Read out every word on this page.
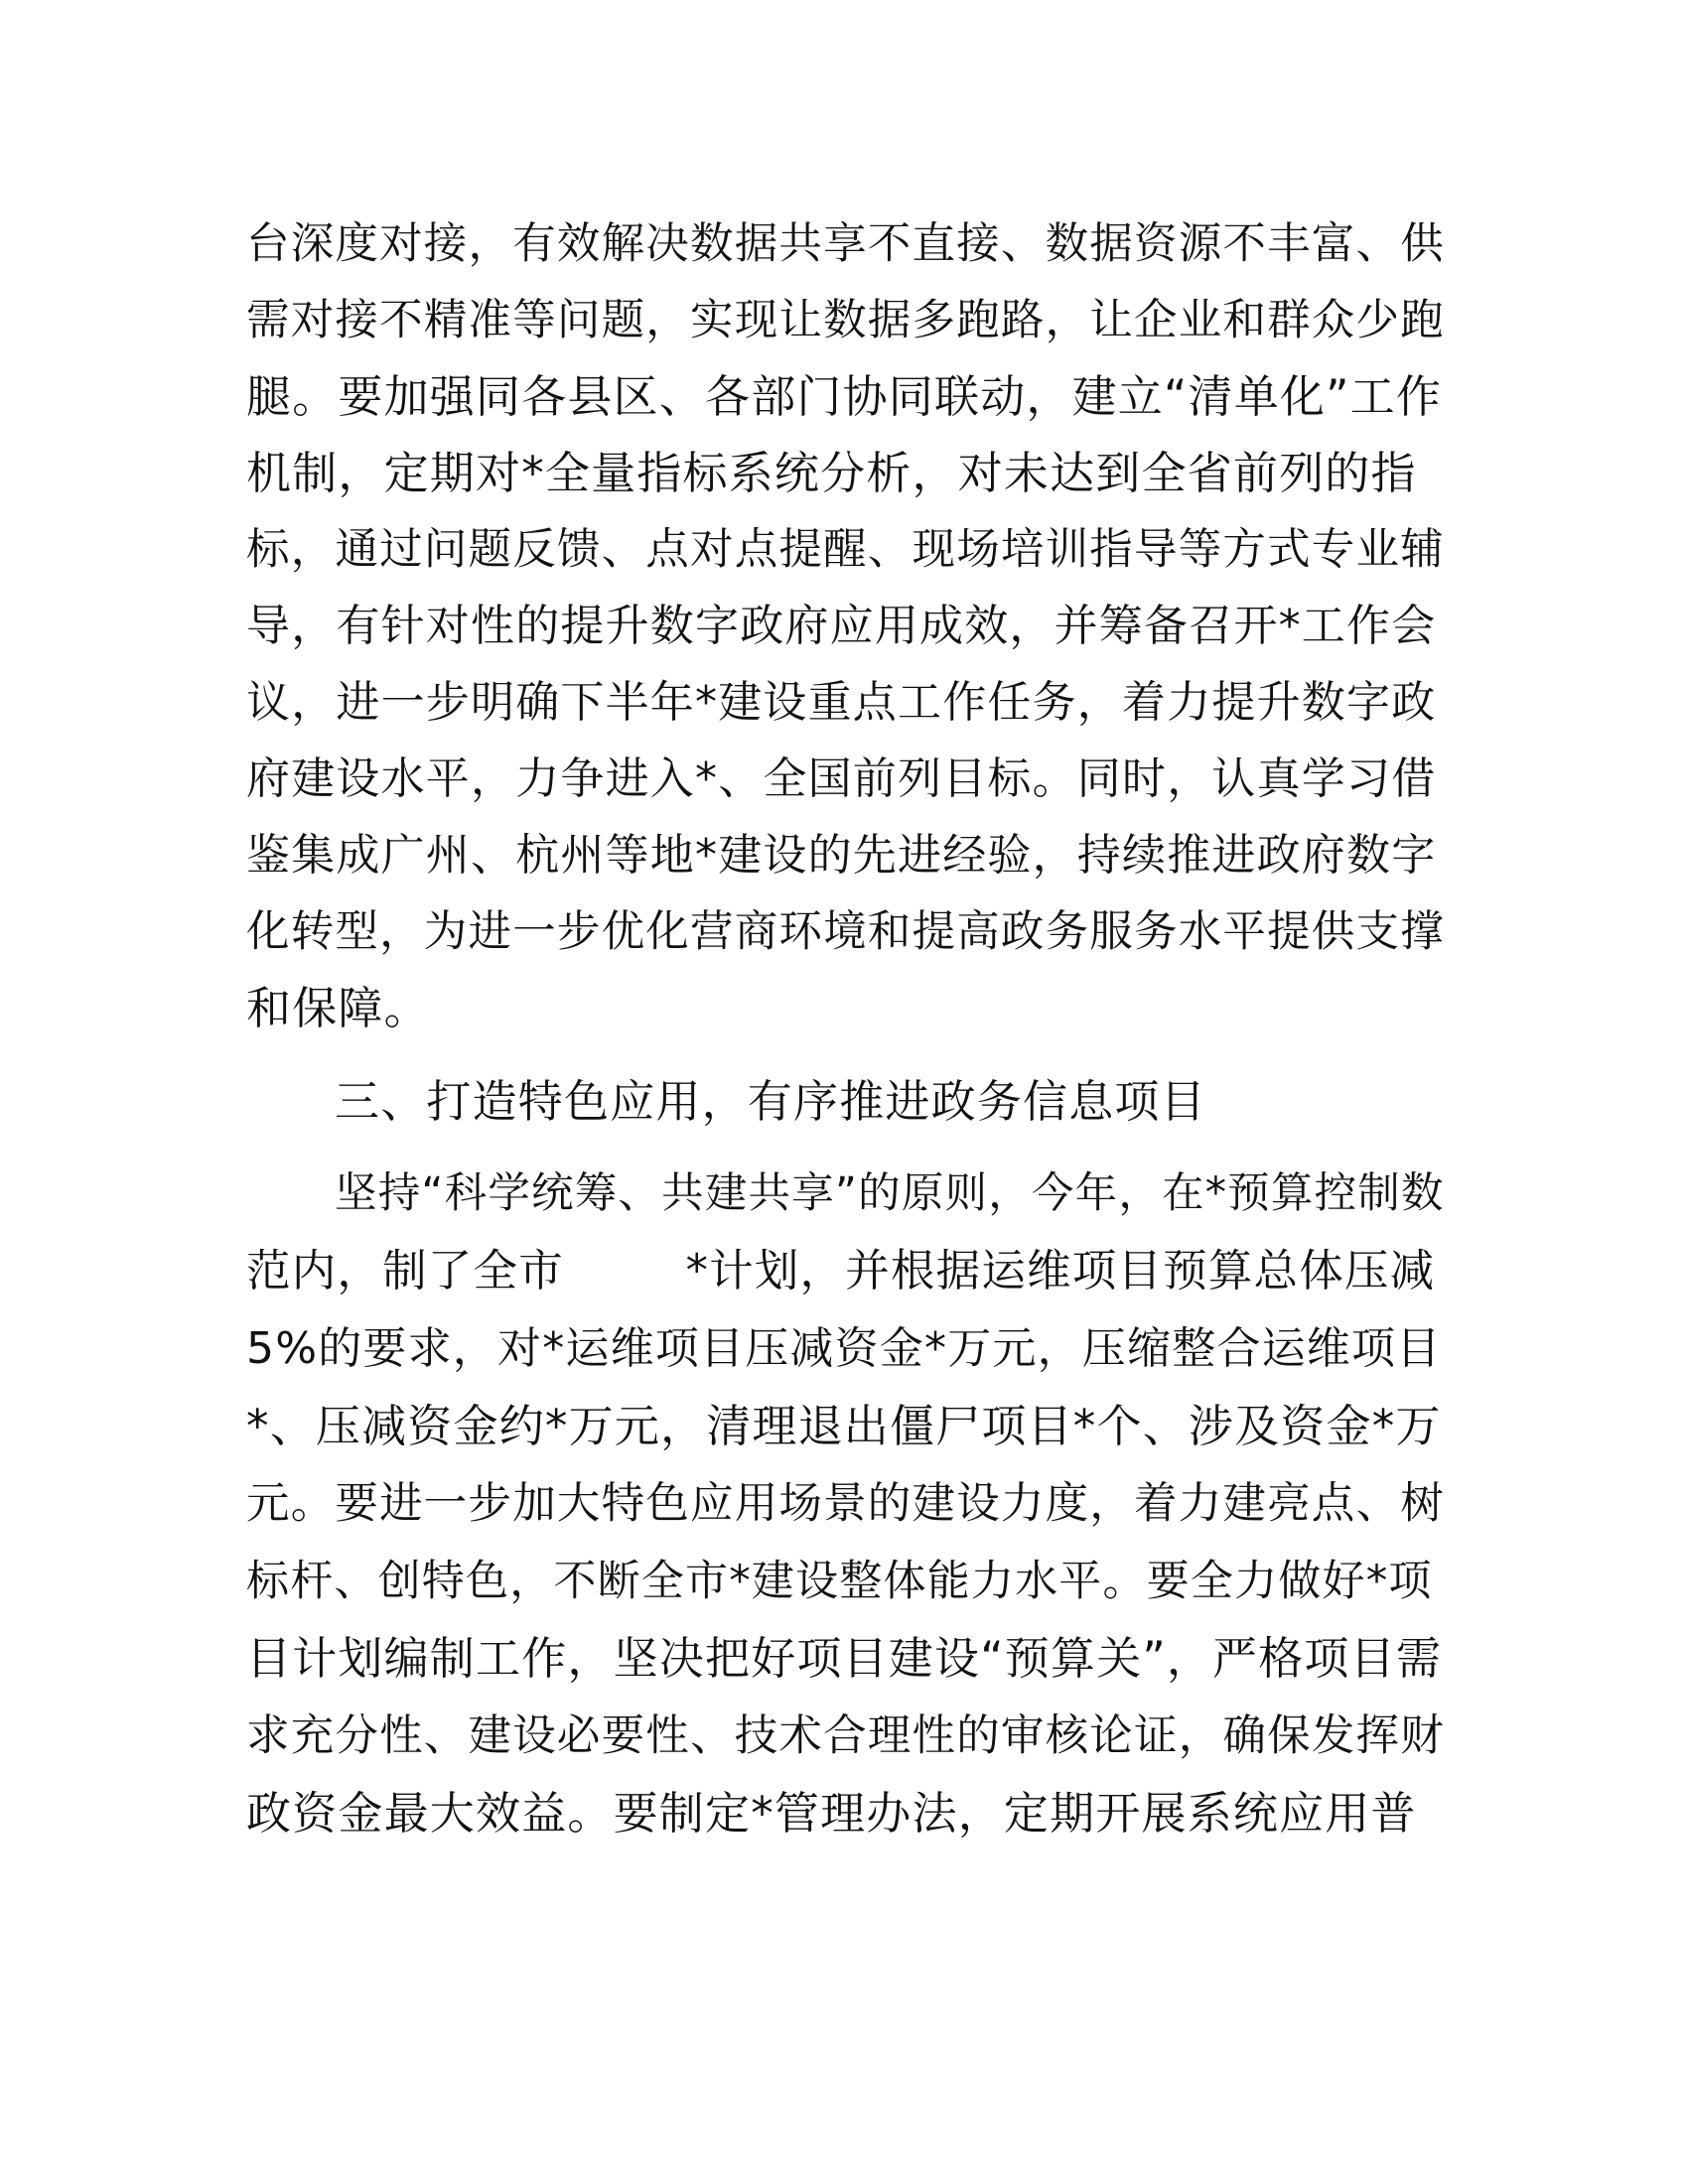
台深度对接，有效解决数据共享不直接、数据资源不丰富、供
需对接不精准等问题，实现让数据多跑路，让企业和群众少跑
腿。要加强同各县区、各部门协同联动，建立“清单化”工作
机制，定期对*全量指标系统分析，对未达到全省前列的指
标，通过问题反馈、点对点提醒、现场培训指导等方式专业辅
导，有针对性的提升数字政府应用成效，并筹备召开*工作会
议，进一步明确下半年*建设重点工作任务，着力提升数字政
府建设水平，力争进入*、全国前列目标。同时，认真学习借
鉴集成广州、杭州等地*建设的先进经验，持续推进政府数字
化转型，为进一步优化营商环境和提高政务服务水平提供支撑
和保障。
三、打造特色应用，有序推进政务信息项目
坚持“科学统筹、共建共享”的原则，今年，在*预算控制数
范内，制了全市        *计划，并根据运维项目预算总体压减
5%的要求，对*运维项目压减资金*万元，压缩整合运维项目
*、压减资金约*万元，清理退出僵尸项目*个、涉及资金*万
元。要进一步加大特色应用场景的建设力度，着力建亮点、树
标杆、创特色，不断全市*建设整体能力水平。要全力做好*项
目计划编制工作，坚决把好项目建设“预算关”，严格项目需
求充分性、建设必要性、技术合理性的审核论证，确保发挥财
政资金最大效益。要制定*管理办法，定期开展系统应用普
